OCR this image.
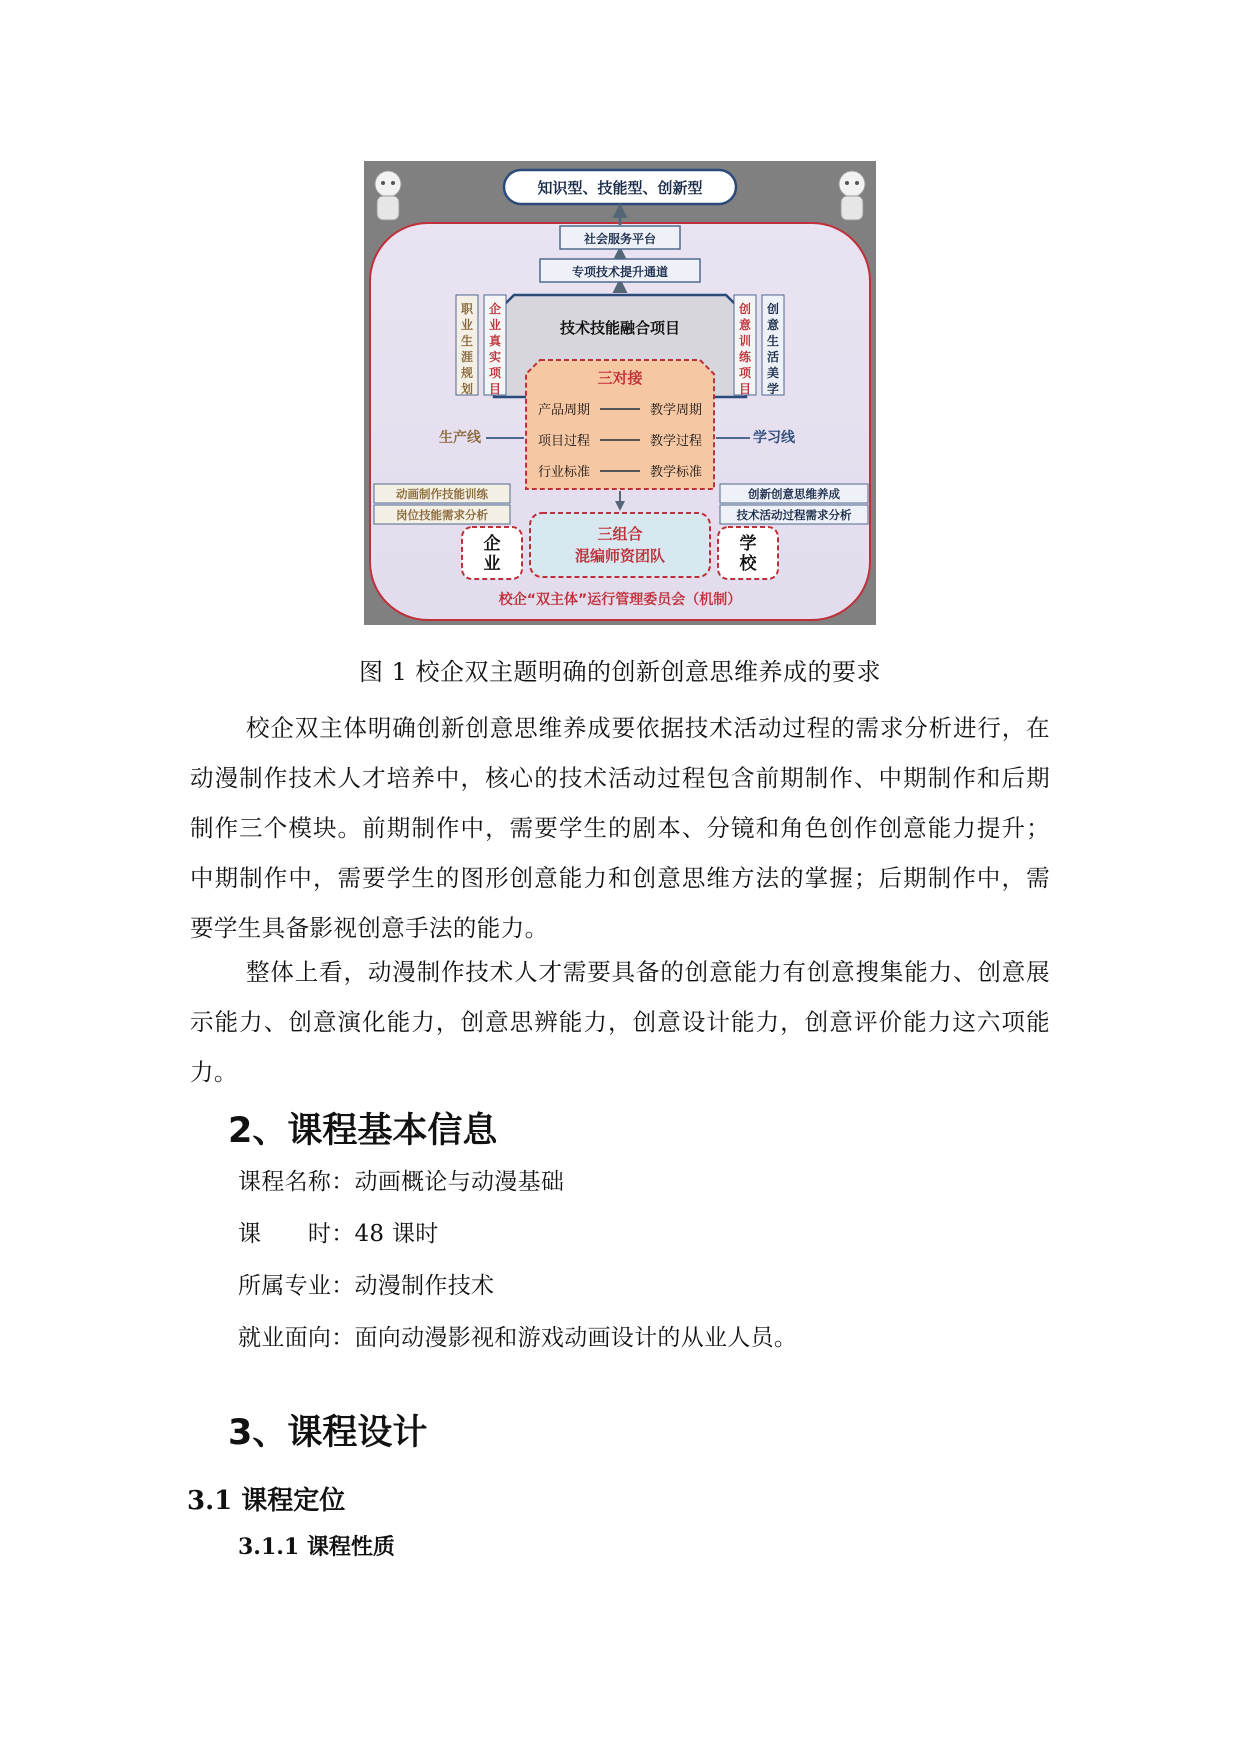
知识型、技能型、创新型
社会服务平台
专项技术提升通道
职业生涯规划
创意生活美学
技术技能融合项目
企业真实项目
创意训练项目
三对接
产品周期	教学周期
项目过程	教学过程
行业标准	教学标准
生产线	学习线
动画制作技能训练
岗位技能需求分析
创新创意思维养成
技术活动过程需求分析
企业
三组合
混编师资团队
学校
校企“双主体”运行管理委员会（机制）
图 1 校企双主题明确的创新创意思维养成的要求

校企双主体明确创新创意思维养成要依据技术活动过程的需求分析进行，在动漫制作技术人才培养中，核心的技术活动过程包含前期制作、中期制作和后期制作三个模块。前期制作中，需要学生的剧本、分镜和角色创作创意能力提升；中期制作中，需要学生的图形创意能力和创意思维方法的掌握；后期制作中，需要学生具备影视创意手法的能力。

整体上看，动漫制作技术人才需要具备的创意能力有创意搜集能力、创意展示能力、创意演化能力，创意思辨能力，创意设计能力，创意评价能力这六项能力。

2、课程基本信息

课程名称：动画概论与动漫基础

课　　时：48 课时

所属专业：动漫制作技术

就业面向：面向动漫影视和游戏动画设计的从业人员。

3、课程设计
3.1 课程定位
3.1.1 课程性质
